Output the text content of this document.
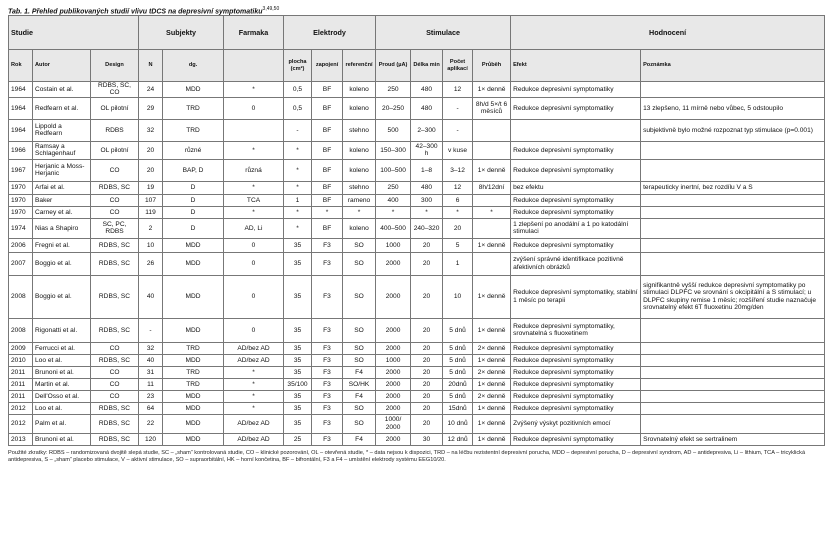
Tab. 1. Přehled publikovaných studií vlivu tDCS na depresivní symptomatiku$^{3,49,50}$
Studie			Subjekty		Farmaka	Elektrody			Stimulace				Hodnocení	
Rok	Autor	Design	N	dg.		plocha (cm²)	zapojení	referenční	Proud (µA)	Délka min	Počet aplikací	Průběh	Efekt	Poznámka
1964	Costain et al.	RDBS, SC, CO	24	MDD	*	0,5	BF	koleno	250	480	12	1× denně	Redukce depresivní symptomatiky	
1964	Redfearn et al.	OL pilotní	29	TRD	0	0,5	BF	koleno	20–250	480	-	8h/d 5×/t 6 měsíců	Redukce depresivní symptomatiky	13 zlepšeno, 11 mírně nebo vůbec, 5 odstoupilo
1964	Lippold a Redfearn	RDBS	32	TRD		-	BF	stehno	500	2–300	-			subjektivně bylo možné rozpoznat typ stimulace (p=0.001)
1966	Ramsay a Schlagenhauf	OL pilotní	20	různé	*	*	BF	koleno	150–300	42–300 h	v kuse		Redukce depresivní symptomatiky	
1967	Herjanic a Moss-Herjanic	CO	20	BAP, D	různá	*	BF	koleno	100–500	1–8	3–12	1× denně	Redukce depresivní symptomatiky	
1970	Arfai et al.	RDBS, SC	19	D	*	*	BF	stehno	250	480	12	8h/12dní	bez efektu	terapeuticky inertní, bez rozdílu V a S
1970	Baker	CO	107	D	TCA	1	BF	rameno	400	300	6		Redukce depresivní symptomatiky	
1970	Carney et al.	CO	119	D	*	*	*	*	*	*	*	*	Redukce depresivní symptomatiky	
1974	Nias a Shapiro	SC, PC, RDBS	2	D	AD, Li	*	BF	koleno	400–500	240–320	20		1 zlepšení po anodální a 1 po katodální stimulaci	
2006	Fregni et al.	RDBS, SC	10	MDD	0	35	F3	SO	1000	20	5	1× denně	Redukce depresivní symptomatiky	
2007	Boggio et al.	RDBS, SC	26	MDD	0	35	F3	SO	2000	20	1		zvýšení správné identifikace pozitivně afektivních obrázků	
2008	Boggio et al.	RDBS, SC	40	MDD	0	35	F3	SO	2000	20	10	1× denně	Redukce depresivní symptomatiky, stabilní 1 měsíc po terapii	signifikantně vyšší redukce depresivní symptomatiky po stimulaci DLPFC ve srovnání s okcipitální a S stimulací; u DLPFC skupiny remise 1 měsíc; rozšíření studie naznačuje srovnatelný efekt 6T fluoxetinu 20mg/den
2008	Rigonatti et al.	RDBS, SC	-	MDD	0	35	F3	SO	2000	20	5 dnů	1× denně	Redukce depresivní symptomatiky, srovnatelná s fluoxetinem	
2009	Ferrucci et al.	CO	32	TRD	AD/bez AD	35	F3	SO	2000	20	5 dnů	2× denně	Redukce depresivní symptomatiky	
2010	Loo et al.	RDBS, SC	40	MDD	AD/bez AD	35	F3	SO	1000	20	5 dnů	1× denně	Redukce depresivní symptomatiky	
2011	Brunoni et al.	CO	31	TRD	*	35	F3	F4	2000	20	5 dnů	2× denně	Redukce depresivní symptomatiky	
2011	Martin et al.	CO	11	TRD	*	35/100	F3	SO/HK	2000	20	20dnů	1× denně	Redukce depresivní symptomatiky	
2011	Dell'Osso et al.	CO	23	MDD	*	35	F3	F4	2000	20	5 dnů	2× denně	Redukce depresivní symptomatiky	
2012	Loo et al.	RDBS, SC	64	MDD	*	35	F3	SO	2000	20	15dnů	1× denně	Redukce depresivní symptomatiky	
2012	Palm et al.	RDBS, SC	22	MDD	AD/bez AD	35	F3	SO	1000/ 2000	20	10 dnů	1× denně	Zvýšený výskyt pozitivních emocí	
2013	Brunoni et al.	RDBS, SC	120	MDD	AD/bez AD	25	F3	F4	2000	30	12 dnů	1× denně	Redukce depresivní symptomatiky	Srovnatelný efekt se sertralinem
Použité zkratky: RDBS – randomizovaná dvojitě slepá studie, SC – „sham“ kontrolovaná studie, CO – klinické pozorování, OL – otevřená studie, * – data nejsou k dispozici, TRD – na léčbu rezistentní depresivní porucha, MDD – depresivní porucha, D – depresivní syndrom, AD – antidepresiva, Li – lithium, TCA – tricyklická antidepresiva, S – „sham“ placebo stimulace, V – aktivní stimulace, SO – supraorbitální, HK – horní končetina, BF – bifrontální, F3 a F4 – umístění elektrody systému EEG10/20.
